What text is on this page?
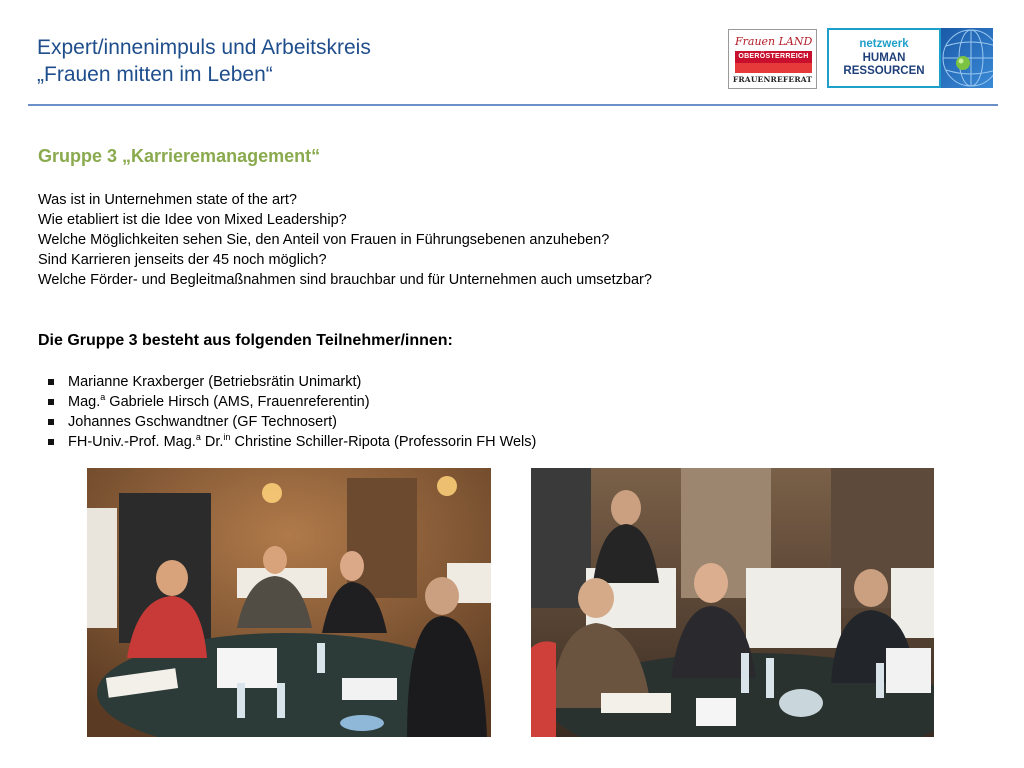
Expert/innenimpuls und Arbeitskreis
„Frauen mitten im Leben“
Frauen LAND
OBERÖSTERREICH
FRAUENREFERAT
netzwerk
HUMAN
RESSOURCEN
Gruppe 3 „Karrieremanagement“
Was ist in Unternehmen state of the art?
Wie etabliert ist die Idee von Mixed Leadership?
Welche Möglichkeiten sehen Sie, den Anteil von Frauen in Führungsebenen anzuheben?
Sind Karrieren jenseits der 45 noch möglich?
Welche Förder- und Begleitmaßnahmen sind brauchbar und für Unternehmen auch umsetzbar?
Die Gruppe 3 besteht aus folgenden Teilnehmer/innen:
Marianne Kraxberger (Betriebsrätin Unimarkt)
Mag.$^a$ Gabriele Hirsch (AMS, Frauenreferentin)
Johannes Gschwandtner (GF Technosert)
FH-Univ.-Prof. Mag.$^a$ Dr.$^{in}$ Christine Schiller-Ripota (Professorin FH Wels)
